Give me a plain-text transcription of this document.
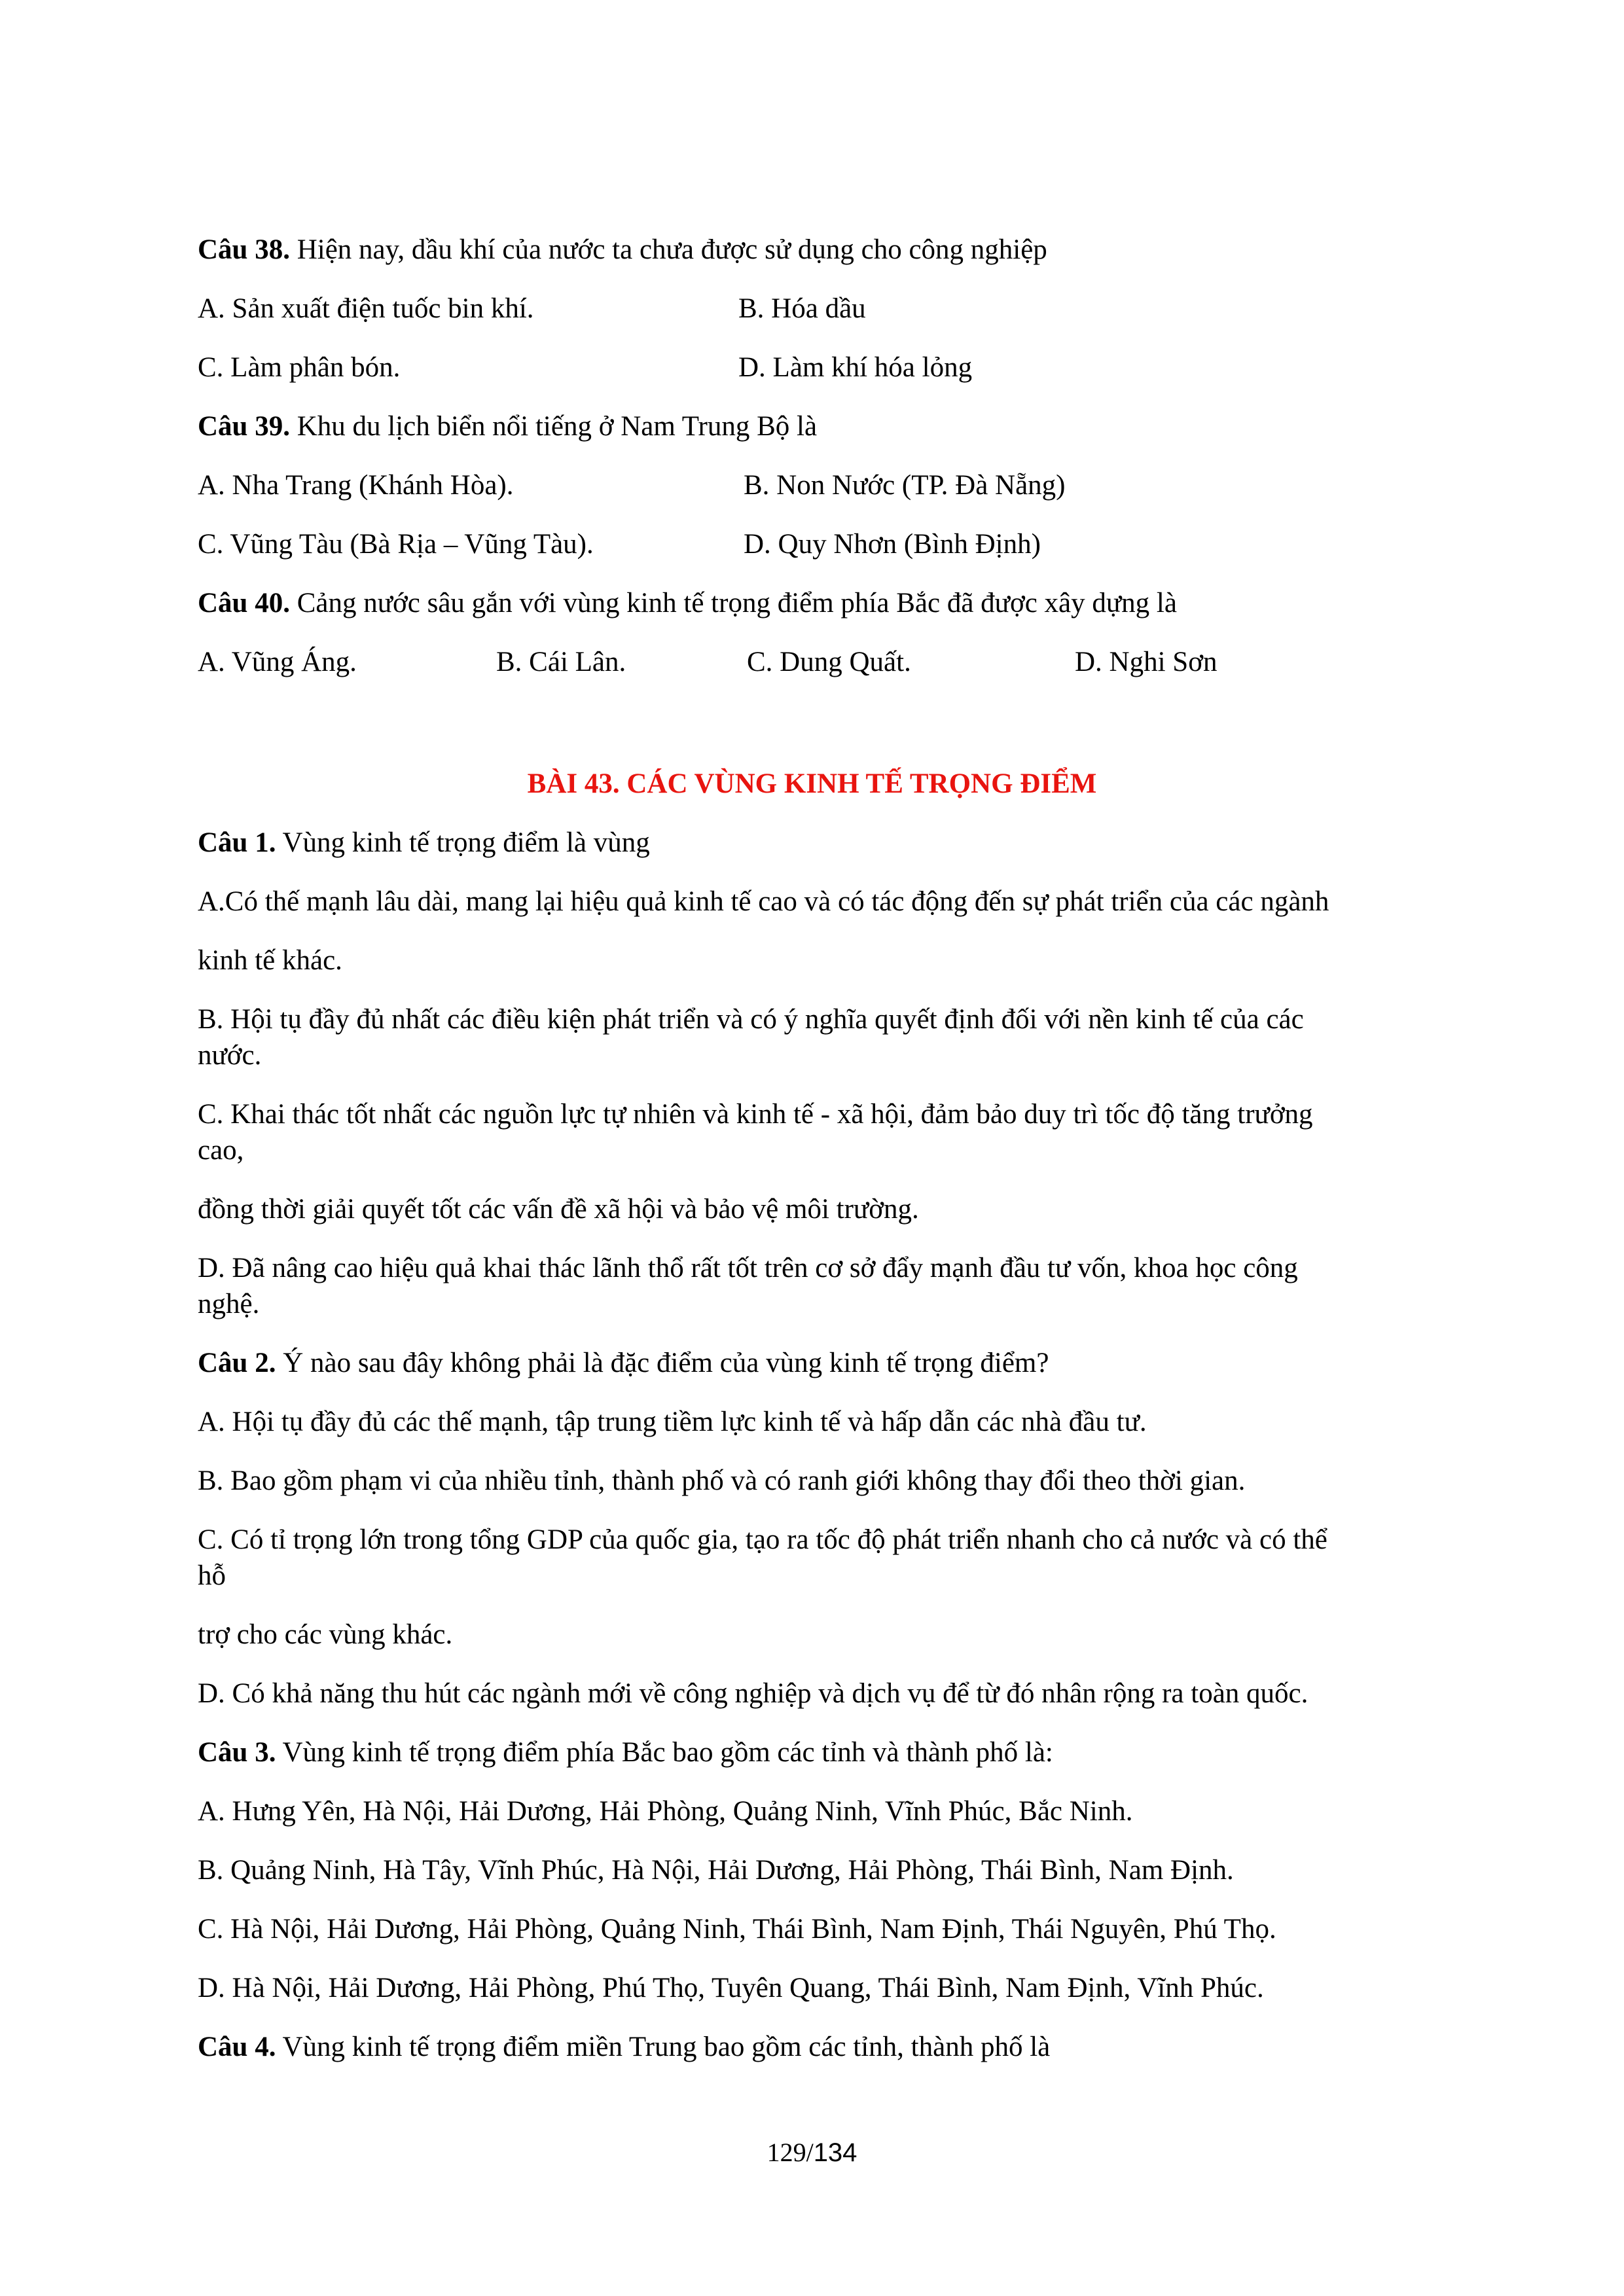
Câu 38. Hiện nay, dầu khí của nước ta chưa được sử dụng cho công nghiệp
A. Sản xuất điện tuốc bin khí.	B. Hóa dầu
C. Làm phân bón.	D. Làm khí hóa lỏng
Câu 39. Khu du lịch biển nổi tiếng ở Nam Trung Bộ là
A. Nha Trang (Khánh Hòa).	B. Non Nước (TP. Đà Nẵng)
C. Vũng Tàu (Bà Rịa – Vũng Tàu).	D. Quy Nhơn (Bình Định)
Câu 40. Cảng nước sâu gắn với vùng kinh tế trọng điểm phía Bắc đã được xây dựng là
A. Vũng Áng.	B. Cái Lân.	C. Dung Quất.	D. Nghi Sơn
BÀI 43. CÁC VÙNG KINH TẾ TRỌNG ĐIỂM
Câu 1. Vùng kinh tế trọng điểm là vùng
A.Có thế mạnh lâu dài, mang lại hiệu quả kinh tế cao và có tác động đến sự phát triển của các ngành
kinh tế khác.
B. Hội tụ đầy đủ nhất các điều kiện phát triển và có ý nghĩa quyết định đối với nền kinh tế của các
nước.
C. Khai thác tốt nhất các nguồn lực tự nhiên và kinh tế - xã hội, đảm bảo duy trì tốc độ tăng trưởng
cao,
đồng thời giải quyết tốt các vấn đề xã hội và bảo vệ môi trường.
D. Đã nâng cao hiệu quả khai thác lãnh thổ rất tốt trên cơ sở đẩy mạnh đầu tư vốn, khoa học công
nghệ.
Câu 2. Ý nào sau đây không phải là đặc điểm của vùng kinh tế trọng điểm?
A. Hội tụ đầy đủ các thế mạnh, tập trung tiềm lực kinh tế và hấp dẫn các nhà đầu tư.
B. Bao gồm phạm vi của nhiều tỉnh, thành phố và có ranh giới không thay đổi theo thời gian.
C. Có tỉ trọng lớn trong tổng GDP của quốc gia, tạo ra tốc độ phát triển nhanh cho cả nước và có thể
hỗ
trợ cho các vùng khác.
D. Có khả năng thu hút các ngành mới về công nghiệp và dịch vụ để từ đó nhân rộng ra toàn quốc.
Câu 3. Vùng kinh tế trọng điểm phía Bắc bao gồm các tỉnh và thành phố là:
A. Hưng Yên, Hà Nội, Hải Dương, Hải Phòng, Quảng Ninh, Vĩnh Phúc, Bắc Ninh.
B. Quảng Ninh, Hà Tây, Vĩnh Phúc, Hà Nội, Hải Dương, Hải Phòng, Thái Bình, Nam Định.
C. Hà Nội, Hải Dương, Hải Phòng, Quảng Ninh, Thái Bình, Nam Định, Thái Nguyên, Phú Thọ.
D. Hà Nội, Hải Dương, Hải Phòng, Phú Thọ, Tuyên Quang, Thái Bình, Nam Định, Vĩnh Phúc.
Câu 4. Vùng kinh tế trọng điểm miền Trung bao gồm các tỉnh, thành phố là
129/134
